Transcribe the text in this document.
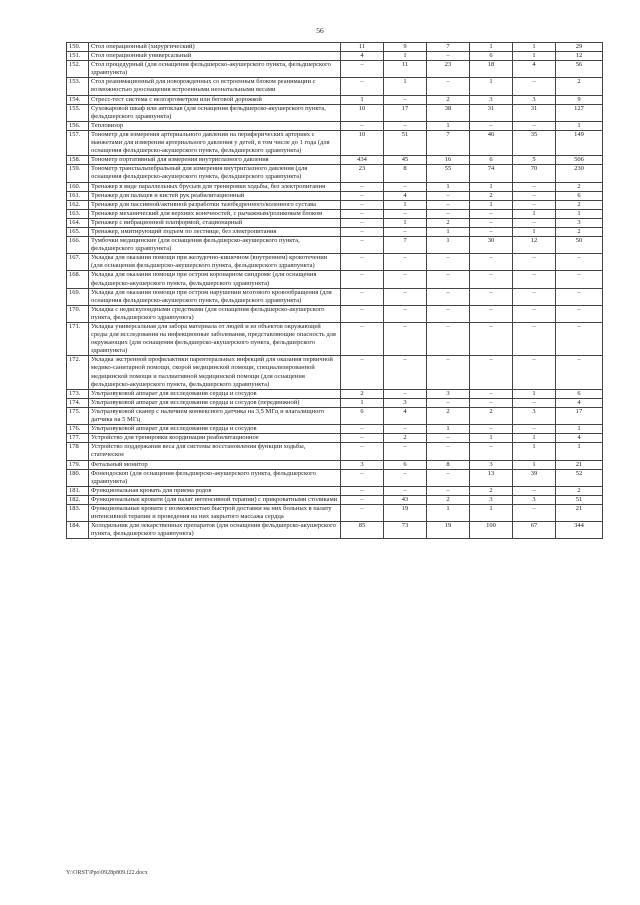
56
150.	Стол операционный (хирургический)	11	9	7	1	1	29
151.	Стол операционный универсальный	4	1	–	6	1	12
152.	Стол процедурный (для оснащения фельдшерско-акушерского пункта, фельдшерского здравпункта)	–	11	23	18	4	56
153.	Стол реанимационный для новорожденных со встроенным блоком реанимации с возможностью дооснащения встроенными неонатальными весами	–	1	–	1	–	2
154.	Стресс-тест система с велоэргометром или беговой дорожкой	1	–	2	3	3	9
155.	Сухожаровой шкаф или автоклав (для оснащения фельдшерско-акушерского пункта, фельдшерского здравпункта)	10	17	38	31	31	127
156.	Тепловизор	–	–	1	–	–	1
157.	Тонометр для измерения артериального давления на периферических артериях с манжетами для измерения артериального давления у детей, в том числе до 1 года (для оснащения фельдшерско-акушерского пункта, фельдшерского здравпункта)	10	51	7	46	35	149
158.	Тонометр портативный для измерения внутриглазного давления	434	45	16	6	5	506
159.	Тонометр транспальпебральный для измерения внутриглазного давления (для оснащения фельдшерско-акушерского пункта, фельдшерского здравпункта)	23	8	55	74	70	230
160.	Тренажер в виде параллельных брусьев для тренировки ходьбы, без электропитания	–	–	1	1	–	2
161.	Тренажер для пальцев и кистей рук реабилитационный	–	4	–	2	–	6
162.	Тренажер для пассивной/активной разработки тазобедренного/коленного сустава	–	1	–	1	–	2
163.	Тренажер механический для верхних конечностей, с рычажным/роликовым блоком	–	–	–	–	1	1
164.	Тренажер с вибрационной платформой, стационарный	–	1	2	–	–	3
165.	Тренажер, имитирующий подъем по лестнице, без электропитания	–	–	1	–	1	2
166.	Тумбочки медицинские (для оснащения фельдшерско-акушерского пункта, фельдшерского здравпункта)	–	7	1	30	12	50
167.	Укладка для оказания помощи при желудочно-кишечном (внутреннем) кровотечении (для оснащения фельдшерско-акушерского пункта, фельдшерского здравпункта)	–	–	–	–	–	–
168.	Укладка для оказания помощи при остром коронарном синдроме (для оснащения фельдшерско-акушерского пункта, фельдшерского здравпункта)	–	–	–	–	–	–
169.	Укладка для оказания помощи при остром нарушении мозгового кровообращения (для оснащения фельдшерско-акушерского пункта, фельдшерского здравпункта)	–	–	–	–	–	–
170.	Укладка с недискулоидными средствами (для оснащения фельдшерско-акушерского пункта, фельдшерского здравпункта)	–	–	–	–	–	–
171.	Укладка универсальная для забора материала от людей и из объектов окружающей среды для исследования на инфекционные заболевания, представляющие опасность для окружающих (для оснащения фельдшерско-акушерского пункта, фельдшерского здравпункта)	–	–	–	–	–	–
172.	Укладка экстренной профилактики парентеральных инфекций для оказания первичной медико-санитарной помощи, скорой медицинской помощи, специализированной медицинской помощи и паллиативной медицинской помощи (для оснащения фельдшерско-акушерского пункта, фельдшерского здравпункта)	–	–	–	–	–	–
173.	Ультразвуковой аппарат для исследования сердца и сосудов	2	–	3	–	1	6
174.	Ультразвуковой аппарат для исследования сердца и сосудов (передвижной)	1	3	–	–	–	4
175.	Ультразвуковой сканер с наличием конвексного датчика на 3,5 МГц и влагалищного датчика на 5 МГц	6	4	2	2	3	17
176.	Ультразвуковой аппарат для исследования сердца и сосудов	–	–	1	–	–	1
177.	Устройство для тренировки координации реабилитационное	–	2	–	1	1	4
178	Устройство поддержания веса для системы восстановления функции ходьбы, статическое	–	–	–	–	1	1
179.	Фетальный монитор	3	6	8	3	1	21
180.	Фонендоскоп (для оснащения фельдшерско-акушерского пункта, фельдшерского здравпункта)	–	–	–	13	39	52
181.	Функциональная кровать для приема родов	–	–	–	2	–	2
182.	Функциональные кровати (для палат интенсивной терапии) с прикроватными столиками	–	43	2	3	3	51
183.	Функциональные кровати с возможностью быстрой доставки на них больных в палату интенсивной терапии и проведения на них закрытого массажа сердца	–	19	1	1	–	21
184.	Холодильник для лекарственных препаратов (для оснащения фельдшерско-акушерского пункта, фельдшерского здравпункта)	85	73	19	100	67	344
Y:\ORST\Ppo\0928p809.f22.docx
